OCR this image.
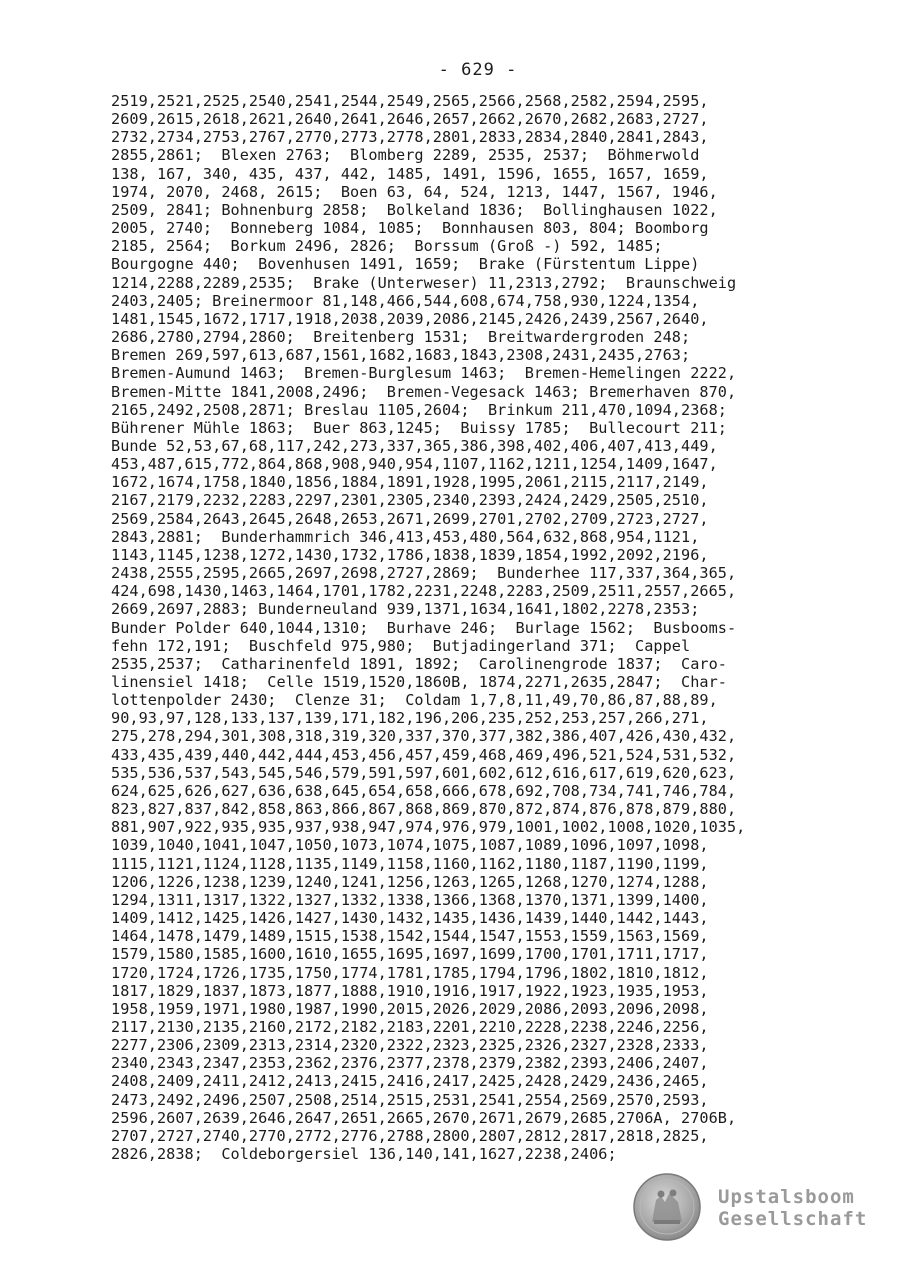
- 629 -
2519,2521,2525,2540,2541,2544,2549,2565,2566,2568,2582,2594,2595,
2609,2615,2618,2621,2640,2641,2646,2657,2662,2670,2682,2683,2727,
2732,2734,2753,2767,2770,2773,2778,2801,2833,2834,2840,2841,2843,
2855,2861;  Blexen 2763;  Blomberg 2289, 2535, 2537;  Böhmerwold
138, 167, 340, 435, 437, 442, 1485, 1491, 1596, 1655, 1657, 1659,
1974, 2070, 2468, 2615;  Boen 63, 64, 524, 1213, 1447, 1567, 1946,
2509, 2841; Bohnenburg 2858;  Bolkeland 1836;  Bollinghausen 1022,
2005, 2740;  Bonneberg 1084, 1085;  Bonnhausen 803, 804; Boomborg
2185, 2564;  Borkum 2496, 2826;  Borssum (Groß -) 592, 1485;
Bourgogne 440;  Bovenhusen 1491, 1659;  Brake (Fürstentum Lippe)
1214,2288,2289,2535;  Brake (Unterweser) 11,2313,2792;  Braunschweig
2403,2405; Breinermoor 81,148,466,544,608,674,758,930,1224,1354,
1481,1545,1672,1717,1918,2038,2039,2086,2145,2426,2439,2567,2640,
2686,2780,2794,2860;  Breitenberg 1531;  Breitwardergroden 248;
Bremen 269,597,613,687,1561,1682,1683,1843,2308,2431,2435,2763;
Bremen-Aumund 1463;  Bremen-Burglesum 1463;  Bremen-Hemelingen 2222,
Bremen-Mitte 1841,2008,2496;  Bremen-Vegesack 1463; Bremerhaven 870,
2165,2492,2508,2871; Breslau 1105,2604;  Brinkum 211,470,1094,2368;
Bührener Mühle 1863;  Buer 863,1245;  Buissy 1785;  Bullecourt 211;
Bunde 52,53,67,68,117,242,273,337,365,386,398,402,406,407,413,449,
453,487,615,772,864,868,908,940,954,1107,1162,1211,1254,1409,1647,
1672,1674,1758,1840,1856,1884,1891,1928,1995,2061,2115,2117,2149,
2167,2179,2232,2283,2297,2301,2305,2340,2393,2424,2429,2505,2510,
2569,2584,2643,2645,2648,2653,2671,2699,2701,2702,2709,2723,2727,
2843,2881;  Bunderhammrich 346,413,453,480,564,632,868,954,1121,
1143,1145,1238,1272,1430,1732,1786,1838,1839,1854,1992,2092,2196,
2438,2555,2595,2665,2697,2698,2727,2869;  Bunderhee 117,337,364,365,
424,698,1430,1463,1464,1701,1782,2231,2248,2283,2509,2511,2557,2665,
2669,2697,2883; Bunderneuland 939,1371,1634,1641,1802,2278,2353;
Bunder Polder 640,1044,1310;  Burhave 246;  Burlage 1562;  Busbooms-
fehn 172,191;  Buschfeld 975,980;  Butjadingerland 371;  Cappel
2535,2537;  Catharinenfeld 1891, 1892;  Carolinengrode 1837;  Caro-
linensiel 1418;  Celle 1519,1520,1860B, 1874,2271,2635,2847;  Char-
lottenpolder 2430;  Clenze 31;  Coldam 1,7,8,11,49,70,86,87,88,89,
90,93,97,128,133,137,139,171,182,196,206,235,252,253,257,266,271,
275,278,294,301,308,318,319,320,337,370,377,382,386,407,426,430,432,
433,435,439,440,442,444,453,456,457,459,468,469,496,521,524,531,532,
535,536,537,543,545,546,579,591,597,601,602,612,616,617,619,620,623,
624,625,626,627,636,638,645,654,658,666,678,692,708,734,741,746,784,
823,827,837,842,858,863,866,867,868,869,870,872,874,876,878,879,880,
881,907,922,935,935,937,938,947,974,976,979,1001,1002,1008,1020,1035,
1039,1040,1041,1047,1050,1073,1074,1075,1087,1089,1096,1097,1098,
1115,1121,1124,1128,1135,1149,1158,1160,1162,1180,1187,1190,1199,
1206,1226,1238,1239,1240,1241,1256,1263,1265,1268,1270,1274,1288,
1294,1311,1317,1322,1327,1332,1338,1366,1368,1370,1371,1399,1400,
1409,1412,1425,1426,1427,1430,1432,1435,1436,1439,1440,1442,1443,
1464,1478,1479,1489,1515,1538,1542,1544,1547,1553,1559,1563,1569,
1579,1580,1585,1600,1610,1655,1695,1697,1699,1700,1701,1711,1717,
1720,1724,1726,1735,1750,1774,1781,1785,1794,1796,1802,1810,1812,
1817,1829,1837,1873,1877,1888,1910,1916,1917,1922,1923,1935,1953,
1958,1959,1971,1980,1987,1990,2015,2026,2029,2086,2093,2096,2098,
2117,2130,2135,2160,2172,2182,2183,2201,2210,2228,2238,2246,2256,
2277,2306,2309,2313,2314,2320,2322,2323,2325,2326,2327,2328,2333,
2340,2343,2347,2353,2362,2376,2377,2378,2379,2382,2393,2406,2407,
2408,2409,2411,2412,2413,2415,2416,2417,2425,2428,2429,2436,2465,
2473,2492,2496,2507,2508,2514,2515,2531,2541,2554,2569,2570,2593,
2596,2607,2639,2646,2647,2651,2665,2670,2671,2679,2685,2706A, 2706B,
2707,2727,2740,2770,2772,2776,2788,2800,2807,2812,2817,2818,2825,
2826,2838;  Coldeborgersiel 136,140,141,1627,2238,2406;
Upstalsboom
Gesellschaft
